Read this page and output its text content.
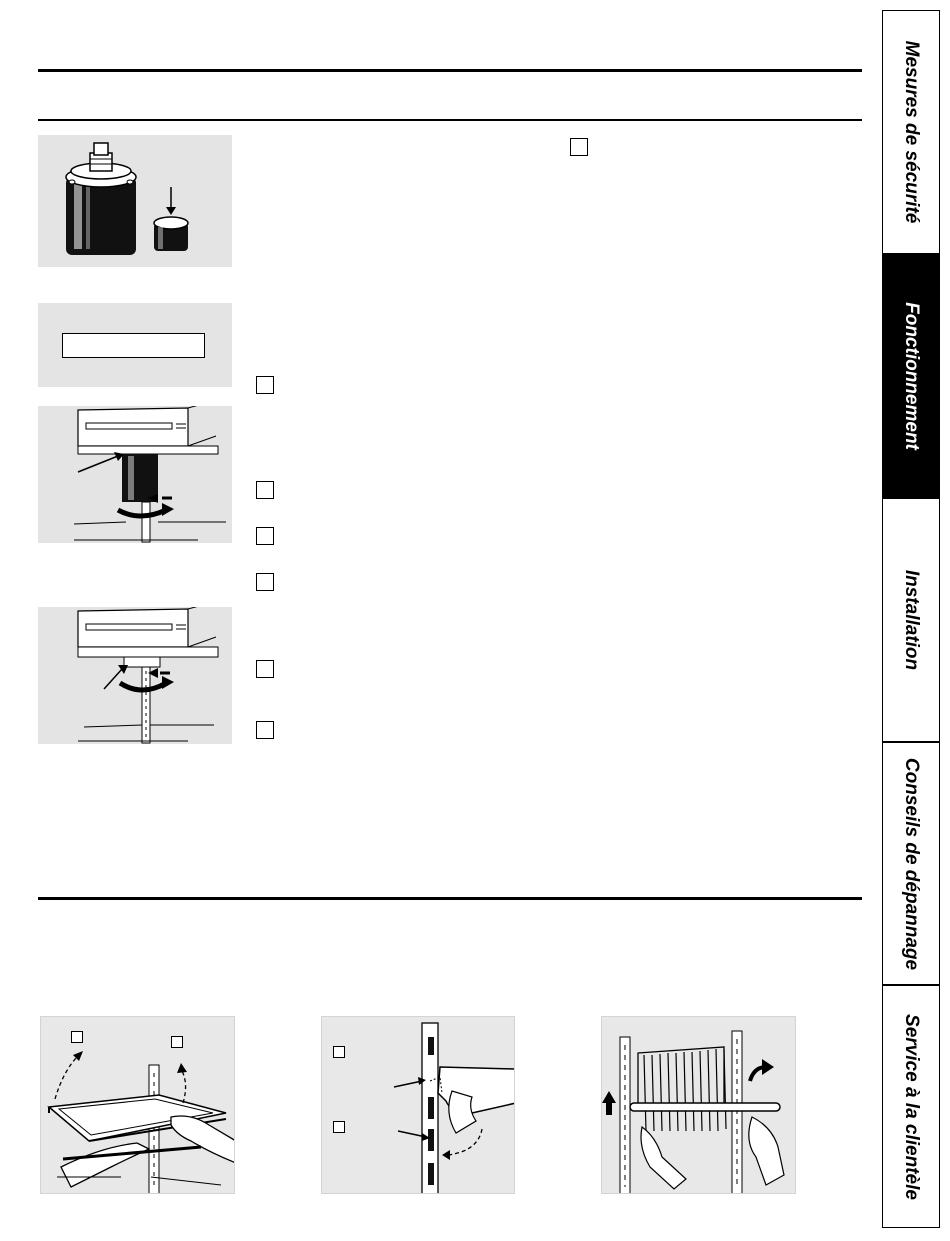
Mesures de sécurité
Fonctionnement
Installation
Conseils de dépannage
Service à la clientèle
